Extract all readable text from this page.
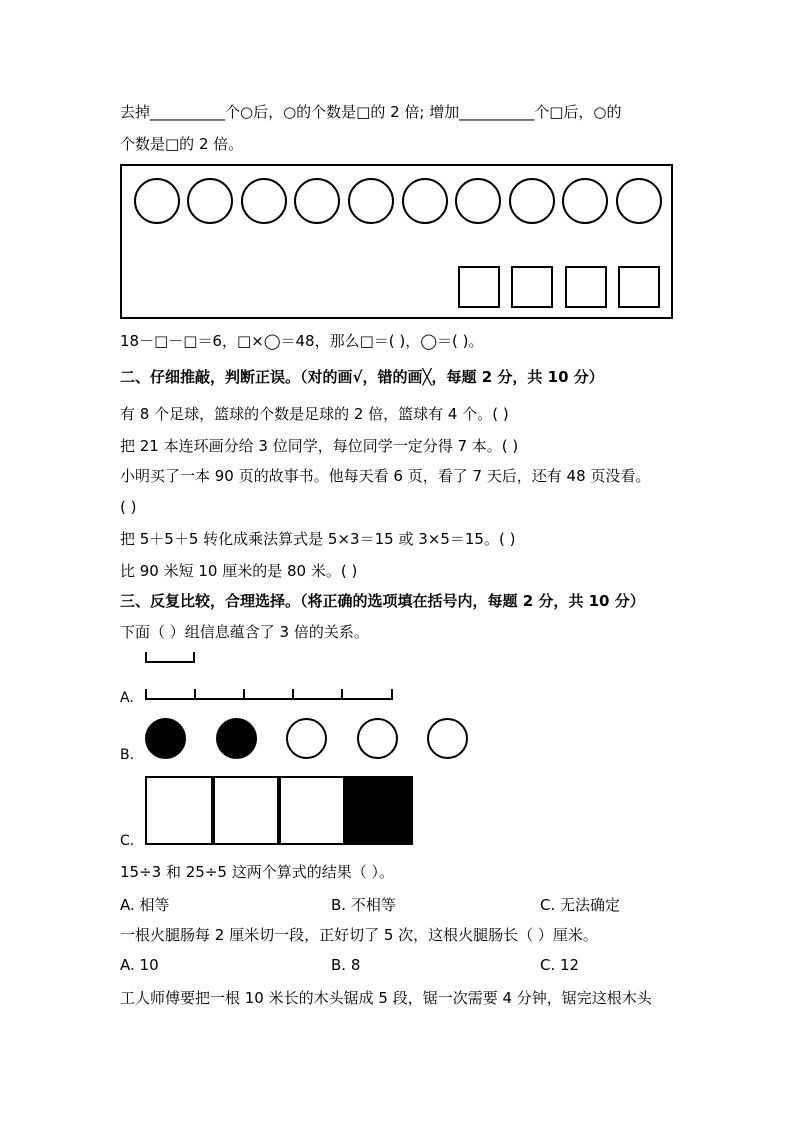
去掉__________个○后，○的个数是□的 2 倍; 增加__________个□后，○的
个数是□的 2 倍。
18－□－□＝6，□×◯＝48，那么□＝( )，◯＝( )。
二、仔细推敲，判断正误。（对的画√，错的画╳，每题 2 分，共 10 分）
有 8 个足球，篮球的个数是足球的 2 倍，篮球有 4 个。( )
把 21 本连环画分给 3 位同学，每位同学一定分得 7 本。( )
小明买了一本 90 页的故事书。他每天看 6 页，看了 7 天后，还有 48 页没看。
( )
把 5＋5＋5 转化成乘法算式是 5×3＝15 或 3×5＝15。( )
比 90 米短 10 厘米的是 80 米。( )
三、反复比较，合理选择。（将正确的选项填在括号内，每题 2 分，共 10 分）
下面（ ）组信息蕴含了 3 倍的关系。
A.
B.
C.
15÷3 和 25÷5 这两个算式的结果（ ）。
A. 相等	B. 不相等	C. 无法确定
一根火腿肠每 2 厘米切一段，正好切了 5 次，这根火腿肠长（ ）厘米。
A. 10	B. 8	C. 12
工人师傅要把一根 10 米长的木头锯成 5 段，锯一次需要 4 分钟，锯完这根木头
